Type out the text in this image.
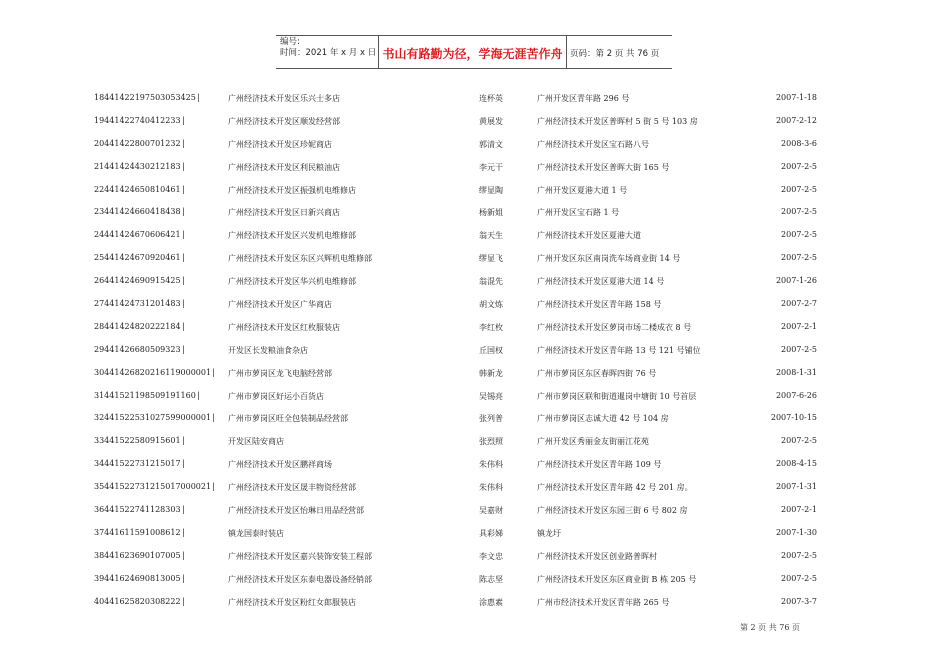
编号:
时间：2021 年 x 月 x 日 书山有路勤为径，学海无涯苦作舟 页码：第 2 页 共 76 页
18441422197503053425	广州经济技术开发区乐兴士多店	连杯英	广州开发区青年路 296 号	2007-1-18
|
19441422740412233	广州经济技术开发区顺发经营部	黄展发	广州经济技术开发区普晖村 5 街 5 号 103 房	2007-2-12
|
20441422800701232	广州经济技术开发区珍妮商店	郭清文	广州经济技术开发区宝石路八号	2008-3-6
|
21441424430212183	广州经济技术开发区利民粮油店	李元干	广州经济技术开发区普晖大街 165 号	2007-2-5
|
22441424650810461	广州经济技术开发区振强机电维修店	缪显陶	广州开发区夏港大道 1 号	2007-2-5
|
23441424660418438	广州经济技术开发区日新兴商店	杨新姐	广州开发区宝石路 1 号	2007-2-5
|
24441424670606421	广州经济技术开发区兴发机电维修部	翁天生	广州经济技术开发区夏港大道	2007-2-5
|
25441424670920461	广州经济技术开发区东区兴辉机电维修部	缪显飞	广州开发区东区南岗洗车场商业街 14 号	2007-2-5
|
26441424690915425	广州经济技术开发区华兴机电维修部	翁混先	广州经济技术开发区夏港大道 14 号	2007-1-26
|
27441424731201483	广州经济技术开发区广华商店	胡文炼	广州经济技术开发区青年路 158 号	2007-2-7
|
28441424820222184	广州经济技术开发区红枚服装店	李红枚	广州经济技术开发区萝岗市场二楼成衣 8 号	2007-2-1
|
29441426680509323	开发区长发粮油食杂店	丘国权	广州经济技术开发区青年路 13 号 121 号铺位	2007-2-5
|
30441426820216119000001 广州市萝岗区龙飞电脑经营部	韩新龙	广州市萝岗区东区春晖四街 76 号	2008-1-31
|
31441521198509191160	广州市萝岗区好运小百货店	吴锡亮	广州市萝岗区联和街道暹岗中塘街 10 号首层	2007-6-26
|
32441522531027599000001 广州市萝岗区旺全包装制品经营部	张列普	广州市萝岗区志诚大道 42 号 104 房	2007-10-15
|
33441522580915601	开发区陆安商店	张烈照	广州开发区秀丽金友街丽江花苑	2007-2-5
|
34441522731215017	广州经济技术开发区鹏祥商场	朱伟科	广州经济技术开发区青年路 109 号	2008-4-15
|
35441522731215017000021 广州经济技术开发区晟丰物资经营部	朱伟科	广州经济技术开发区青年路 42 号 201 房。	2007-1-31
|
36441522741128303	广州经济技术开发区怡琳日用品经营部	吴嘉财	广州经济技术开发区东园三街 6 号 802 房	2007-2-1
|
37441611591008612	镇龙国泰时装店	具彩娣	镇龙圩	2007-1-30
|
38441623690107005	广州经济技术开发区嘉兴装饰安装工程部	李文忠	广州经济技术开发区创业路普晖村	2007-2-5
|
39441624690813005	广州经济技术开发区东泰电器设备经销部	陈志坚	广州经济技术开发区东区商业街 B 栋 205 号	2007-2-5
|
40441625820308222	广州经济技术开发区粉红女郎服装店	涂惠素	广州市经济技术开发区青年路 265 号	2007-3-7
|
第 2 页 共 76 页
